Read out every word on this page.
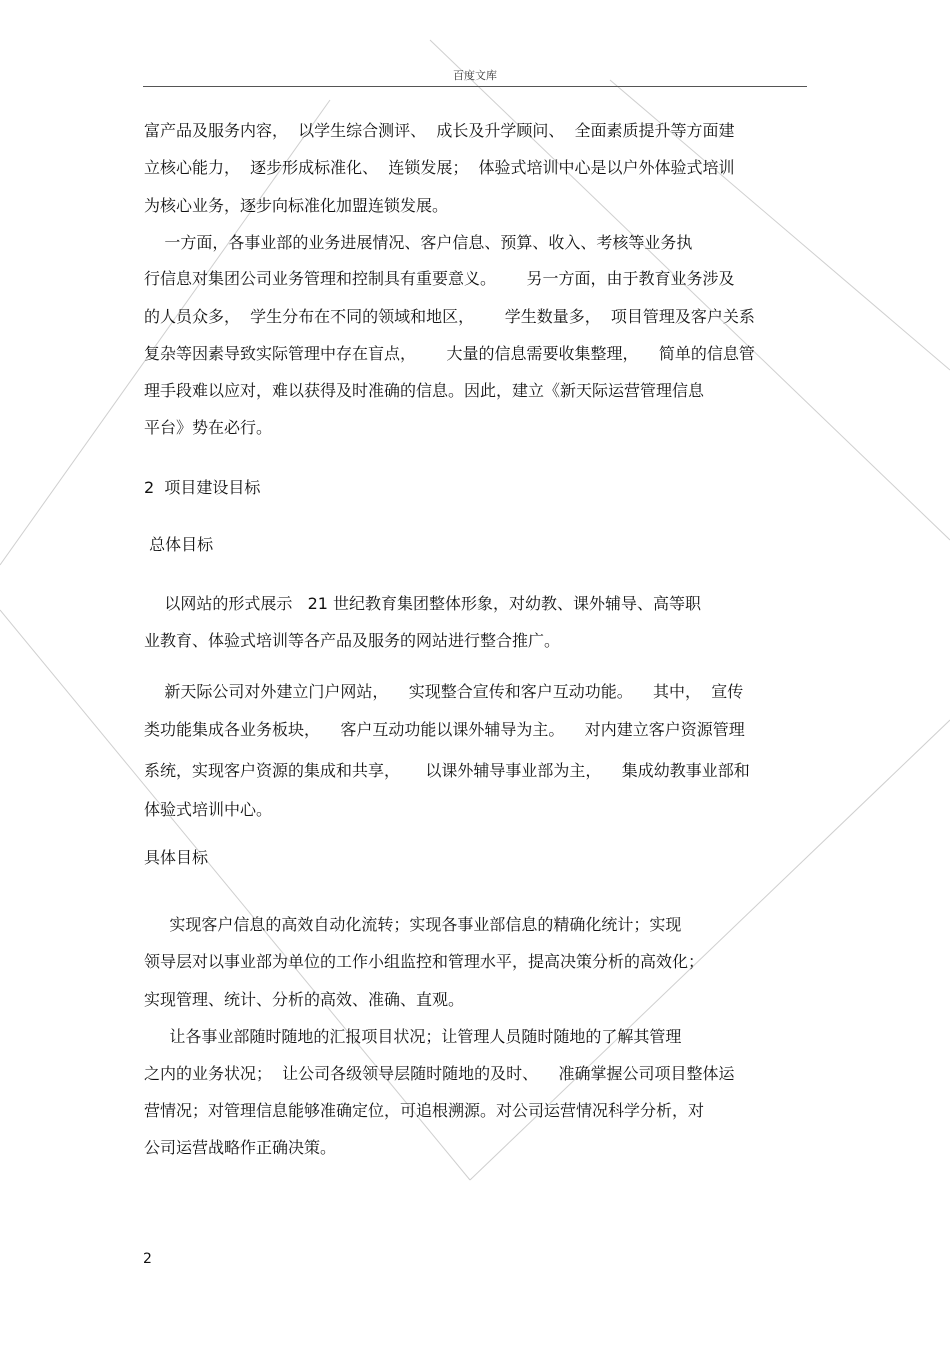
百度文库
富产品及服务内容，  以学生综合测评、  成长及升学顾问、  全面素质提升等方面建
立核心能力，  逐步形成标准化、  连锁发展；  体验式培训中心是以户外体验式培训
为核心业务，逐步向标准化加盟连锁发展。
一方面，各事业部的业务进展情况、客户信息、预算、收入、考核等业务执
行信息对集团公司业务管理和控制具有重要意义。      另一方面，由于教育业务涉及
的人员众多，  学生分布在不同的领域和地区，      学生数量多，  项目管理及客户关系
复杂等因素导致实际管理中存在盲点，      大量的信息需要收集整理，    简单的信息管
理手段难以应对，难以获得及时准确的信息。因此，建立《新天际运营管理信息
平台》势在必行。
2  项目建设目标
总体目标
以网站的形式展示   21 世纪教育集团整体形象，对幼教、课外辅导、高等职
业教育、体验式培训等各产品及服务的网站进行整合推广。
新天际公司对外建立门户网站，    实现整合宣传和客户互动功能。    其中，  宣传
类功能集成各业务板块，    客户互动功能以课外辅导为主。    对内建立客户资源管理
系统，实现客户资源的集成和共享，     以课外辅导事业部为主，    集成幼教事业部和
体验式培训中心。
具体目标
实现客户信息的高效自动化流转；实现各事业部信息的精确化统计；实现
领导层对以事业部为单位的工作小组监控和管理水平，提高决策分析的高效化；
实现管理、统计、分析的高效、准确、直观。
让各事业部随时随地的汇报项目状况；让管理人员随时随地的了解其管理
之内的业务状况；  让公司各级领导层随时随地的及时、    准确掌握公司项目整体运
营情况；对管理信息能够准确定位，可追根溯源。对公司运营情况科学分析，对
公司运营战略作正确决策。
2
